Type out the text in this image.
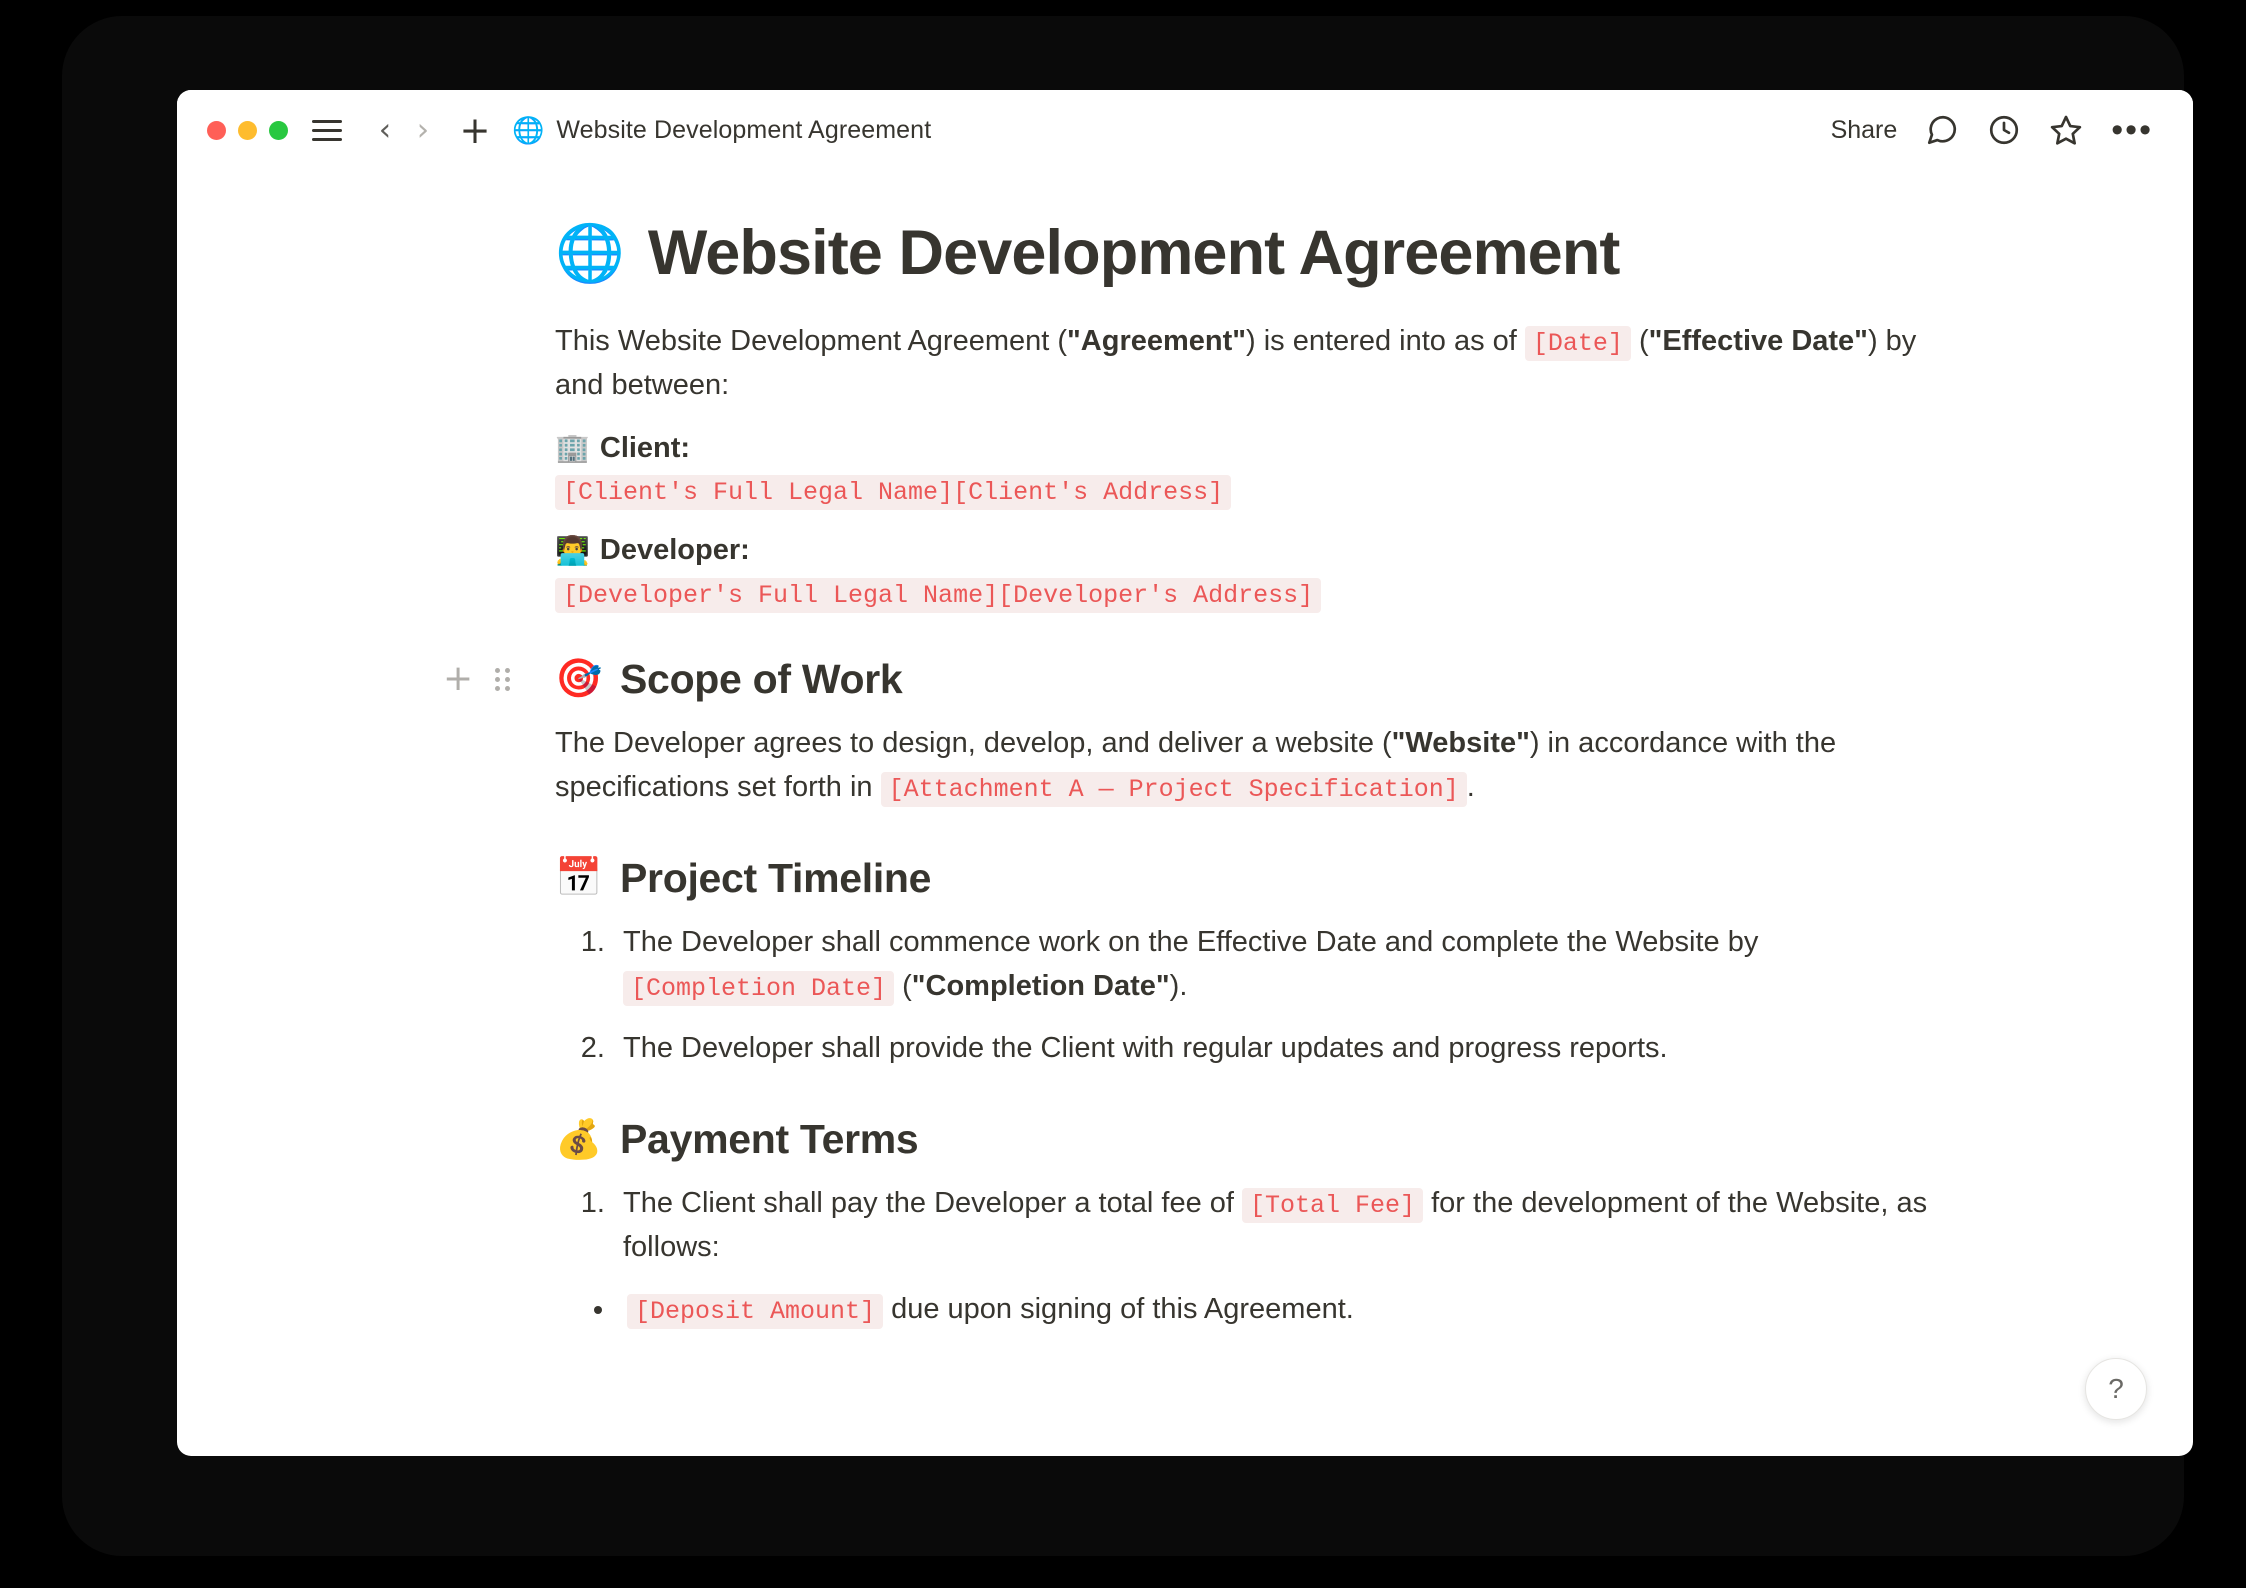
‹ › + 🌐 Website Development Agreement	Share	•••
🌐 Website Development Agreement

This Website Development Agreement ("Agreement") is entered into as of [Date] ("Effective Date") by and between:

🏢 Client:
[Client's Full Legal Name][Client's Address]
👨‍💻 Developer:
[Developer's Full Legal Name][Developer's Address]
+ 🎯 Scope of Work

The Developer agrees to design, develop, and deliver a website ("Website") in accordance with the specifications set forth in [Attachment A — Project Specification] .

📅 Project Timeline
1. The Developer shall commence work on the Effective Date and complete the Website by [Completion Date] ("Completion Date").
2. The Developer shall provide the Client with regular updates and progress reports.
💰 Payment Terms
1. The Client shall pay the Developer a total fee of [Total Fee] for the development of the Website, as follows:
• [Deposit Amount] due upon signing of this Agreement.
?
